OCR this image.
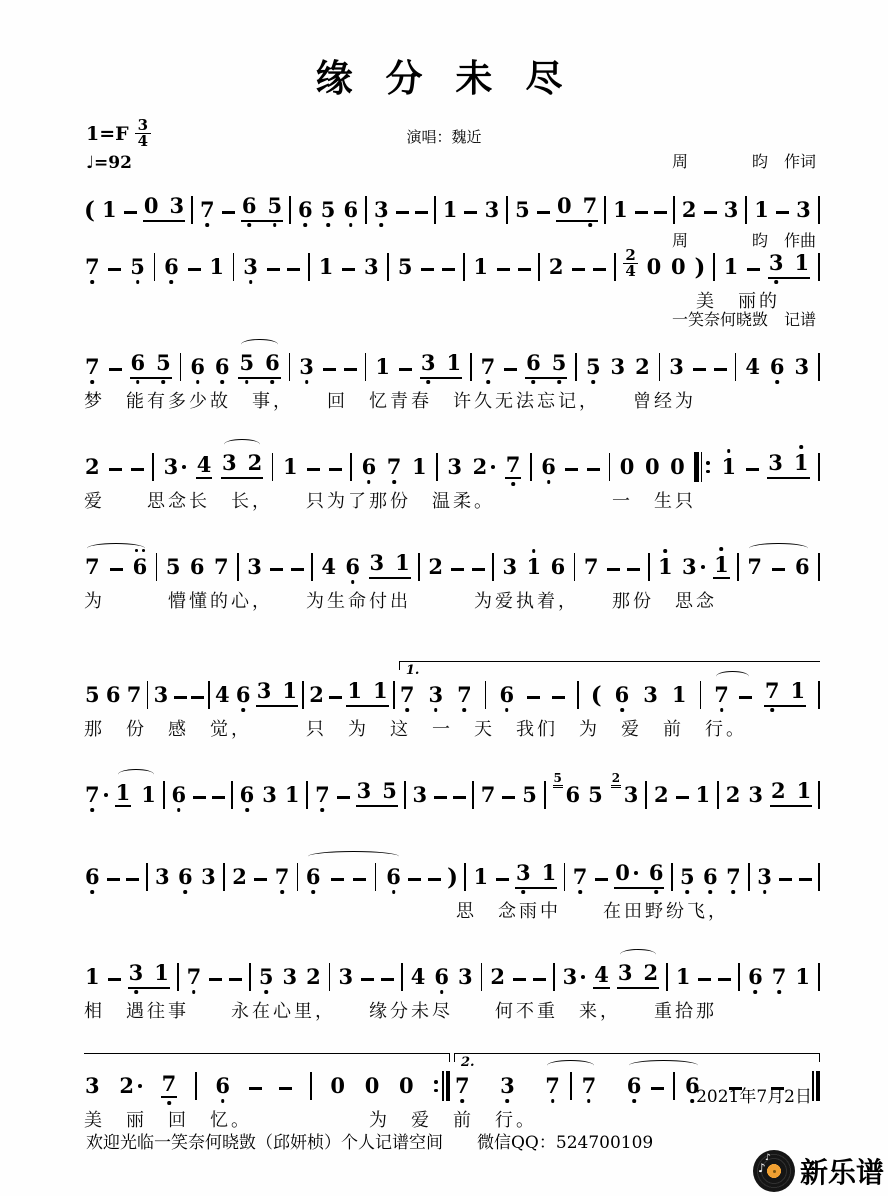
缘 分 未 尽

周　　　　昀　作词

周　　　　昀　作曲

一笑奈何晓敳　记谱

演唱：魏近
$1=F \frac{3}{4}$
♩ =92
( 1 0 3 7 6 5 6 5 6 3	1 3 5 0 7 1	2 3 1 3
7 5 6 1 3	1 3 5	1	2	$\frac{2}{4} 0$ 0 ) 1 3 1
美　丽的
7 6 5 6 6 5 6 3	1 3 1 7 6 5 5 3 2 3	4 6 3
梦　能有多少故　事，　　回　忆青春　许久无法忘记，　　曾经为
2	3 4 3 2 1	6 7 1 3 2 7 6	0 0 0 1 3 1
爱　　思念长　长，　　只为了那份　温柔。　　　　　　一　生只
7 6 5 6 7 3	4 6 3 1 2	3 1 6 7	1 3 1 7 6
为　　　懵懂的心，　　为生命付出　　　为爱执着，　　那份　思念
5 6 7 3 4 6 3 1 2 1 1
1.
7 3 7 6	( 6 3 1 7 7 1
那　份　感　觉，　　　只　为　这　一　天　我们　为　爱　前　行。
7 1 1 6	6 3 1 7 3 5 3	7 5
5
6 5
2
3 2 1 2 3 2 1
6	3 6 3 2 7 6	6 ) 1 3 1 7 0 6 5 6 7 3
思　念雨中　　在田野纷飞，
1 3 1 7	5 3 2 3	4 6 3 2	3 4 3 2 1	6 7 1
相　遇往事　　永在心里，　　缘分未尽　　何不重　来，　　重拾那
3 2 7 6	0 0 0
2.
7 3 7 7 6 6
美　丽　回　忆。　　　　　　为　爱　前　行。
2021年7月2日
欢迎光临一笑奈何晓敳（邱妍桢）个人记谱空间　　微信QQ：524700109
♪
♪ 新乐谱
